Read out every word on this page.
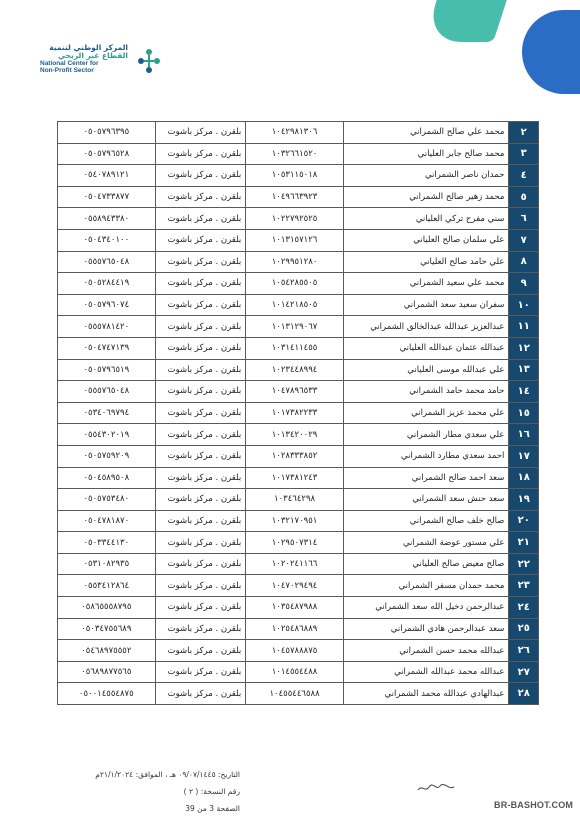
المركز الوطني لتنمية
القطاع غير الربحي
National Center for
Non-Profit Sector
٢	محمد علي صالح الشمراني	١٠٤٢٩٨١٣٠٦	بلقرن . مركز باشوت	٠٥٠٥٧٩٦٣٩٥
٣	محمد صالح جابر العلياني	١٠٣٢٦٦١٥٢٠	بلقرن . مركز باشوت	٠٥٠٥٧٩٦٥٢٨
٤	حمدان ناصر الشمراني	١٠٥٣١١٥٠١٨	بلقرن . مركز باشوت	٠٥٤٠٧٨٩١٢١
٥	محمد زهير صالح الشمراني	١٠٤٩٦٦٣٩٢٣	بلقرن . مركز باشوت	٠٥٠٤٧٣٣٨٧٧
٦	سني مفرح تركي العلياني	١٠٢٢٧٩٢٥٢٥	بلقرن . مركز باشوت	٠٥٥٨٩٤٣٣٨٠
٧	علي سلمان صالح العلياني	١٠١٣١٥٧١٢٦	بلقرن . مركز باشوت	٠٥٠٤٣٤٠١٠٠
٨	علي حامد صالح العلياني	١٠٢٩٩٥١٢٨٠	بلقرن . مركز باشوت	٠٥٥٥٧٦٥٠٤٨
٩	محمد علي سعيد الشمراني	١٠٥٤٢٨٥٥٠٥	بلقرن . مركز باشوت	٠٥٠٥٢٨٤٤١٩
١٠	سفران سعيد سعد الشمراني	١٠١٤٢١٨٥٠٥	بلقرن . مركز باشوت	٠٥٠٥٧٩٦٠٧٤
١١	عبدالعزيز عبدالله عبدالخالق الشمراني	١٠١٣١٢٩٠٦٧	بلقرن . مركز باشوت	٠٥٥٥٧٨١٤٢٠
١٢	عبدالله عثمان عبدالله العلياني	١٠٣١٤١١٤٥٥	بلقرن . مركز باشوت	٠٥٠٤٧٤٧١٣٩
١٣	علي عبدالله موسى العلياني	١٠٢٣٤٤٨٩٩٤	بلقرن . مركز باشوت	٠٥٠٥٧٩٦٥١٩
١٤	حامد محمد حامد الشمراني	١٠٤٧٨٩٦٥٣٣	بلقرن . مركز باشوت	٠٥٥٥٧٦٥٠٤٨
١٥	علي محمد عزيز الشمراني	١٠١٧٣٨٢٢٣٣	بلقرن . مركز باشوت	٠٥٣٤٠٦٩٧٩٤
١٦	علي سعدي مطار الشمراني	١٠١٣٤٢٠٠٢٩	بلقرن . مركز باشوت	٠٥٥٤٣٠٢٠١٩
١٧	احمد سعدي مطارد الشمراني	١٠٢٨٣٣٣٨٥٢	بلقرن . مركز باشوت	٠٥٠٥٧٥٩٢٠٩
١٨	سعد احمد صالح الشمراني	١٠١٧٣٨١٢٤٣	بلقرن . مركز باشوت	٠٥٠٤٥٨٩٥٠٨
١٩	سعد حنش سعد الشمراني	١٠٣٤٦٤٢٩٨	بلقرن . مركز باشوت	٠٥٠٥٧٥٣٤٨٠
٢٠	صالح خلف صالح الشمراني	١٠٣٢١٧٠٩٥١	بلقرن . مركز باشوت	٠٥٠٤٧٨١٨٧٠
٢١	علي مستور عوضة الشمراني	١٠٢٩٥٠٧٣١٤	بلقرن . مركز باشوت	٠٥٠٣٣٤٤١٣٠
٢٢	صالح معيض صالح العلياني	١٠٢٠٢٤١١٦٦	بلقرن . مركز باشوت	٠٥٣١٠٨٢٩٣٥
٢٣	محمد حمدان مسفر الشمراني	١٠٤٧٠٢٩٤٩٤	بلقرن . مركز باشوت	٠٥٥٣٤١٢٨٦٤
٢٤	عبدالرحمن دخيل الله سعد الشمراني	١٠٣٥٤٨٧٩٨٨	بلقرن . مركز باشوت	٠٥٨٦٥٥٥٨٧٩٥
٢٥	سعد عبدالرحمن هادي الشمراني	١٠٢٥٤٨٦٨٨٩	بلقرن . مركز باشوت	٠٥٠٣٤٧٥٥٦٨٩
٢٦	عبدالله محمد حسن الشمراني	١٠٤٥٧٨٨٨٧٥	بلقرن . مركز باشوت	٠٥٤٦٨٩٧٥٥٥٢
٢٧	عبدالله محمد عبدالله الشمراني	١٠١٤٥٥٤٤٨٨	بلقرن . مركز باشوت	٠٥٦٨٩٨٧٧٥٦٥
٢٨	عبدالهادي عبدالله محمد الشمراني	١٠٤٥٥٤٤٦٥٨٨	بلقرن . مركز باشوت	٠٥٠٠١٤٥٥٤٨٧٥
التاريخ: ٠٩/٠٧/١٤٤٥ هـ ، الموافق: ٢١/١/٢٠٢٤م
رقم النسخة: ( ٢ )
الصفحة 3 من 39	BR-BASHOT.COM
